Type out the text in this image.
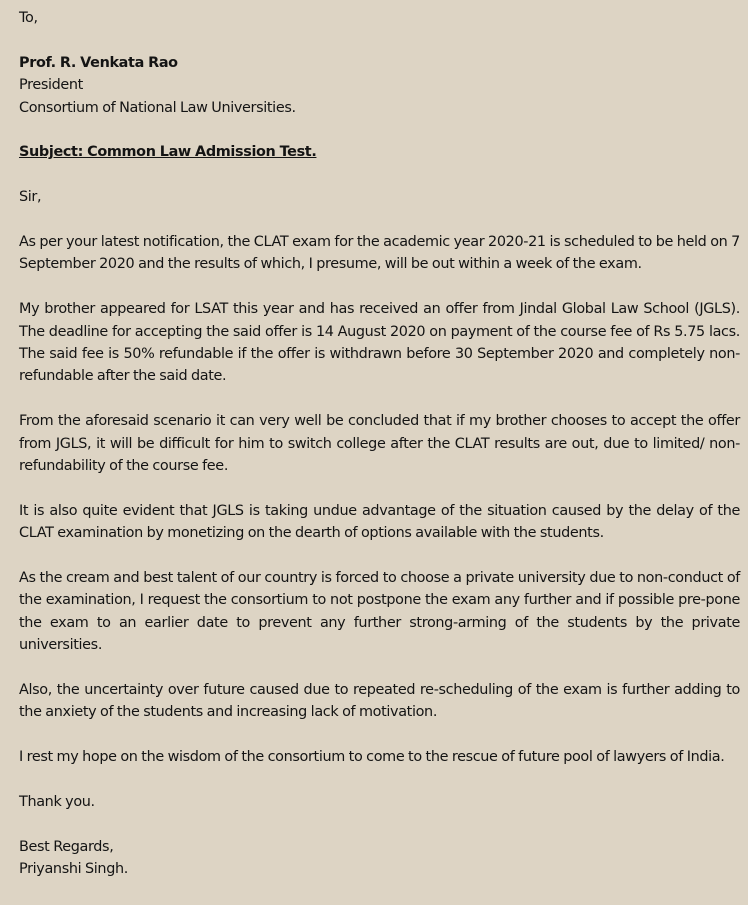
To,

Prof. R. Venkata Rao

President

Consortium of National Law Universities.

Subject: Common Law Admission Test.

Sir,

As per your latest notification, the CLAT exam for the academic year 2020-21 is scheduled to be held on 7 September 2020 and the results of which, I presume, will be out within a week of the exam.

My brother appeared for LSAT this year and has received an offer from Jindal Global Law School (JGLS). The deadline for accepting the said offer is 14 August 2020 on payment of the course fee of Rs 5.75 lacs. The said fee is 50% refundable if the offer is withdrawn before 30 September 2020 and completely non-refundable after the said date.

From the aforesaid scenario it can very well be concluded that if my brother chooses to accept the offer from JGLS, it will be difficult for him to switch college after the CLAT results are out, due to limited/ non-refundability of the course fee.

It is also quite evident that JGLS is taking undue advantage of the situation caused by the delay of the CLAT examination by monetizing on the dearth of options available with the students.

As the cream and best talent of our country is forced to choose a private university due to non-conduct of the examination, I request the consortium to not postpone the exam any further and if possible pre-pone the exam to an earlier date to prevent any further strong-arming of the students by the private universities.

Also, the uncertainty over future caused due to repeated re-scheduling of the exam is further adding to the anxiety of the students and increasing lack of motivation.

I rest my hope on the wisdom of the consortium to come to the rescue of future pool of lawyers of India.

Thank you.

Best Regards,

Priyanshi Singh.
